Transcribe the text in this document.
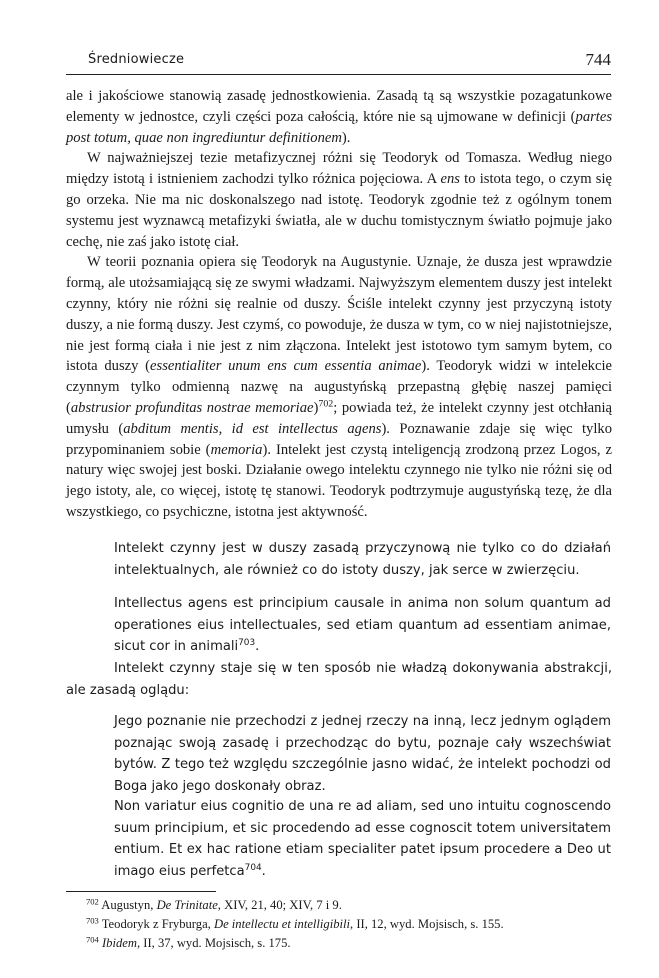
Średniowiecze	744

ale i jakościowe stanowią zasadę jednostkowienia. Zasadą tą są wszystkie pozagatunkowe elementy w jednostce, czyli części poza całością, które nie są ujmowane w definicji (partes post totum, quae non ingrediuntur definitionem).

W najważniejszej tezie metafizycznej różni się Teodoryk od Tomasza. Według niego między istotą i istnieniem zachodzi tylko różnica pojęciowa. A ens to istota tego, o czym się go orzeka. Nie ma nic doskonalszego nad istotę. Teodoryk zgodnie też z ogólnym tonem systemu jest wyznawcą metafizyki światła, ale w duchu tomistycznym światło pojmuje jako cechę, nie zaś jako istotę ciał.

W teorii poznania opiera się Teodoryk na Augustynie. Uznaje, że dusza jest wprawdzie formą, ale utożsamiającą się ze swymi władzami. Najwyższym elementem duszy jest intelekt czynny, który nie różni się realnie od duszy. Ściśle intelekt czynny jest przyczyną istoty duszy, a nie formą duszy. Jest czymś, co powoduje, że dusza w tym, co w niej najistotniejsze, nie jest formą ciała i nie jest z nim złączona. Intelekt jest istotowo tym samym bytem, co istota duszy (essentialiter unum ens cum essentia animae). Teodoryk widzi w intelekcie czynnym tylko odmienną nazwę na augustyńską przepastną głębię naszej pamięci (abstrusior profunditas nostrae memoriae)$^{702}$; powiada też, że intelekt czynny jest otchłanią umysłu (abditum mentis, id est intellectus agens). Poznawanie zdaje się więc tylko przypominaniem sobie (memoria). Intelekt jest czystą inteligencją zrodzoną przez Logos, z natury więc swojej jest boski. Działanie owego intelektu czynnego nie tylko nie różni się od jego istoty, ale, co więcej, istotę tę stanowi. Teodoryk podtrzymuje augustyńską tezę, że dla wszystkiego, co psychiczne, istotna jest aktywność.

Intelekt czynny jest w duszy zasadą przyczynową nie tylko co do działań intelektualnych, ale również co do istoty duszy, jak serce w zwierzęciu.

Intellectus agens est principium causale in anima non solum quantum ad operationes eius intellectuales, sed etiam quantum ad essentiam animae, sicut cor in animali$^{703}$.

Intelekt czynny staje się w ten sposób nie władzą dokonywania abstrakcji, ale zasadą oglądu:

Jego poznanie nie przechodzi z jednej rzeczy na inną, lecz jednym oglądem poznając swoją zasadę i przechodząc do bytu, poznaje cały wszechświat bytów. Z tego też względu szczególnie jasno widać, że intelekt pochodzi od Boga jako jego doskonały obraz.

Non variatur eius cognitio de una re ad aliam, sed uno intuitu cognoscendo suum principium, et sic procedendo ad esse cognoscit totem universitatem entium. Et ex hac ratione etiam specialiter patet ipsum procedere a Deo ut imago eius perfetca$^{704}$.

$^{702}$ Augustyn, De Trinitate, XIV, 21, 40; XIV, 7 i 9.
$^{703}$ Teodoryk z Fryburga, De intellectu et intelligibili, II, 12, wyd. Mojsisch, s. 155.
$^{704}$ Ibidem, II, 37, wyd. Mojsisch, s. 175.
